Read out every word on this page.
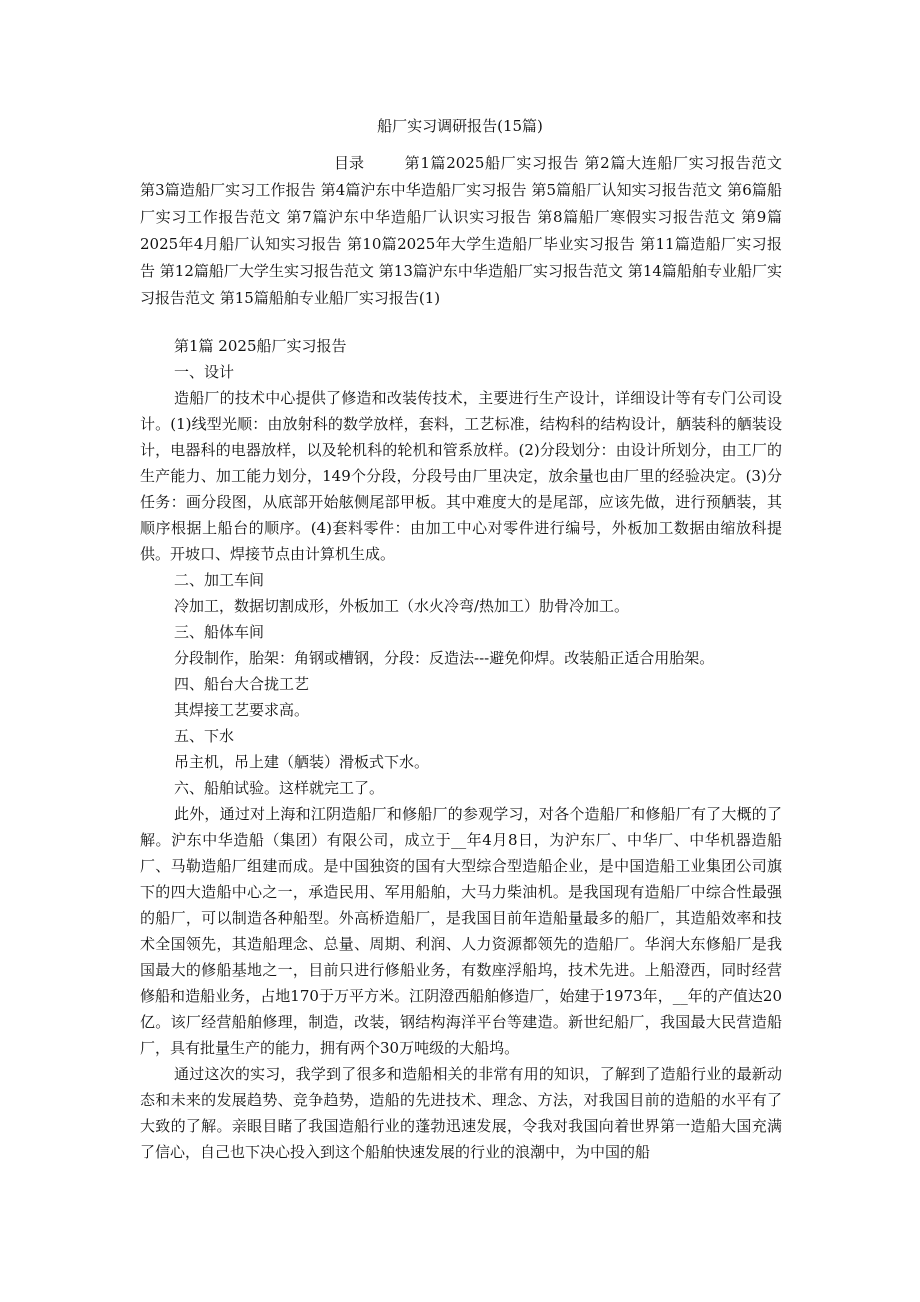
船厂实习调研报告(15篇)
目录	第1篇2025船厂实习报告 第2篇大连船厂实习报告范文 第3篇造船厂实习工作报告 第4篇沪东中华造船厂实习报告 第5篇船厂认知实习报告范文 第6篇船厂实习工作报告范文 第7篇沪东中华造船厂认识实习报告 第8篇船厂寒假实习报告范文 第9篇2025年4月船厂认知实习报告 第10篇2025年大学生造船厂毕业实习报告 第11篇造船厂实习报告 第12篇船厂大学生实习报告范文 第13篇沪东中华造船厂实习报告范文 第14篇船舶专业船厂实习报告范文 第15篇船舶专业船厂实习报告(1)

第1篇 2025船厂实习报告

一、设计

造船厂的技术中心提供了修造和改装传技术，主要进行生产设计，详细设计等有专门公司设计。(1)线型光顺：由放射科的数学放样，套料，工艺标准，结构科的结构设计，舾装科的舾装设计，电器科的电器放样，以及轮机科的轮机和管系放样。(2)分段划分：由设计所划分，由工厂的生产能力、加工能力划分，149个分段，分段号由厂里决定，放余量也由厂里的经验决定。(3)分任务：画分段图，从底部开始舷侧尾部甲板。其中难度大的是尾部，应该先做，进行预舾装，其顺序根据上船台的顺序。(4)套料零件：由加工中心对零件进行编号，外板加工数据由缩放科提供。开坡口、焊接节点由计算机生成。

二、加工车间

冷加工，数据切割成形，外板加工（水火冷弯/热加工）肋骨冷加工。

三、船体车间

分段制作，胎架：角钢或槽钢，分段：反造法---避免仰焊。改装船正适合用胎架。

四、船台大合拢工艺

其焊接工艺要求高。

五、下水

吊主机，吊上建（舾装）滑板式下水。

六、船舶试验。这样就完工了。

此外，通过对上海和江阴造船厂和修船厂的参观学习，对各个造船厂和修船厂有了大概的了解。沪东中华造船（集团）有限公司，成立于__年4月8日，为沪东厂、中华厂、中华机器造船厂、马勒造船厂组建而成。是中国独资的国有大型综合型造船企业，是中国造船工业集团公司旗下的四大造船中心之一，承造民用、军用船舶，大马力柴油机。是我国现有造船厂中综合性最强的船厂，可以制造各种船型。外高桥造船厂，是我国目前年造船量最多的船厂，其造船效率和技术全国领先，其造船理念、总量、周期、利润、人力资源都领先的造船厂。华润大东修船厂是我国最大的修船基地之一，目前只进行修船业务，有数座浮船坞，技术先进。上船澄西，同时经营修船和造船业务，占地170于万平方米。江阴澄西船舶修造厂，始建于1973年，__年的产值达20亿。该厂经营船舶修理，制造，改装，钢结构海洋平台等建造。新世纪船厂，我国最大民营造船厂，具有批量生产的能力，拥有两个30万吨级的大船坞。

通过这次的实习，我学到了很多和造船相关的非常有用的知识，了解到了造船行业的最新动态和未来的发展趋势、竞争趋势，造船的先进技术、理念、方法，对我国目前的造船的水平有了大致的了解。亲眼目睹了我国造船行业的蓬勃迅速发展，令我对我国向着世界第一造船大国充满了信心，自己也下决心投入到这个船舶快速发展的行业的浪潮中，为中国的船
